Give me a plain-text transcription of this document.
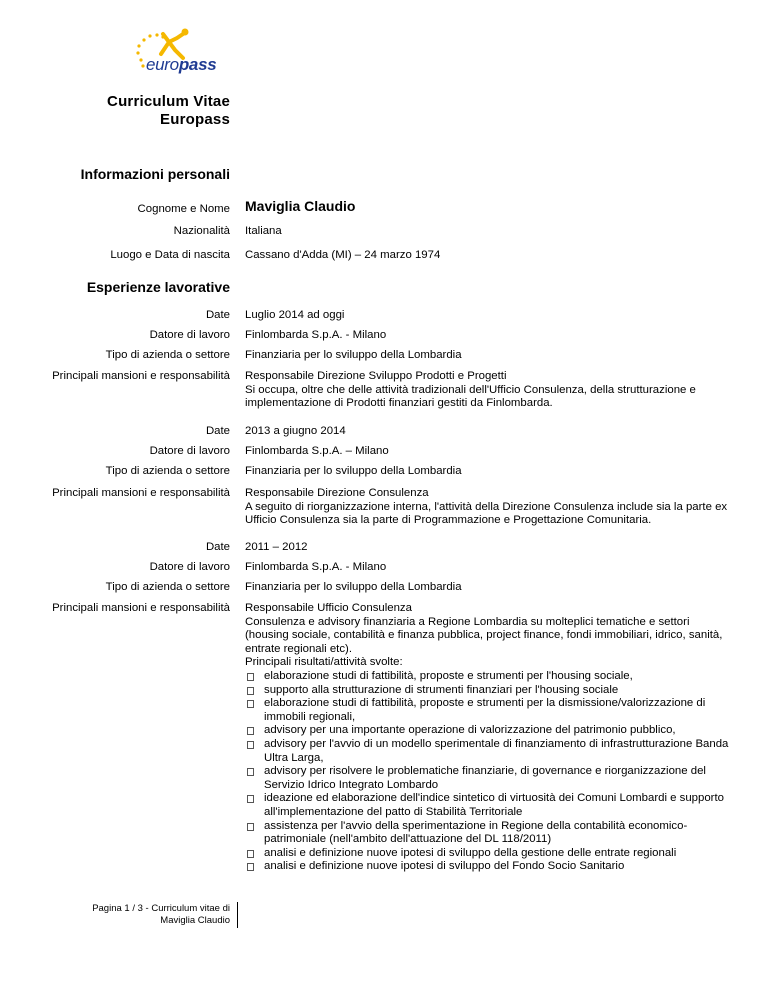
europass
Curriculum Vitae
Europass
Informazioni personali
Cognome e Nome Maviglia Claudio
Nazionalità Italiana
Luogo e Data di nascita Cassano d'Adda (MI) – 24 marzo 1974
Esperienze lavorative
Date Luglio 2014 ad oggi
Datore di lavoro Finlombarda S.p.A. - Milano
Tipo di azienda o settore Finanziaria per lo sviluppo della Lombardia
Principali mansioni e responsabilità Responsabile Direzione Sviluppo Prodotti e Progetti
Si occupa, oltre che delle attività tradizionali dell'Ufficio Consulenza, della strutturazione e implementazione di Prodotti finanziari gestiti da Finlombarda.
Date 2013 a giugno 2014
Datore di lavoro Finlombarda S.p.A. – Milano
Tipo di azienda o settore Finanziaria per lo sviluppo della Lombardia
Principali mansioni e responsabilità Responsabile Direzione Consulenza
A seguito di riorganizzazione interna, l'attività della Direzione Consulenza include sia la parte ex Ufficio Consulenza sia la parte di Programmazione e Progettazione Comunitaria.
Date 2011 – 2012
Datore di lavoro Finlombarda S.p.A. - Milano
Tipo di azienda o settore Finanziaria per lo sviluppo della Lombardia
Principali mansioni e responsabilità Responsabile Ufficio Consulenza
Consulenza e advisory finanziaria a Regione Lombardia su molteplici tematiche e settori (housing sociale, contabilità e finanza pubblica, project finance, fondi immobiliari, idrico, sanità, entrate regionali etc).
Principali risultati/attività svolte:
elaborazione studi di fattibilità, proposte e strumenti per l'housing sociale,
supporto alla strutturazione di strumenti finanziari per l'housing sociale
elaborazione studi di fattibilità, proposte e strumenti per la dismissione/valorizzazione di immobili regionali,
advisory per una importante operazione di valorizzazione del patrimonio pubblico,
advisory per l'avvio di un modello sperimentale di finanziamento di infrastrutturazione Banda Ultra Larga,
advisory per risolvere le problematiche finanziarie, di governance e riorganizzazione del Servizio Idrico Integrato Lombardo
ideazione ed elaborazione dell'indice sintetico di virtuosità dei Comuni Lombardi e supporto all'implementazione del patto di Stabilità Territoriale
assistenza per l'avvio della sperimentazione in Regione della contabilità economico-patrimoniale (nell'ambito dell'attuazione del DL 118/2011)
analisi e definizione nuove ipotesi di sviluppo della gestione delle entrate regionali
analisi e definizione nuove ipotesi di sviluppo del Fondo Socio Sanitario
Pagina 1 / 3 - Curriculum vitae di
Maviglia Claudio
